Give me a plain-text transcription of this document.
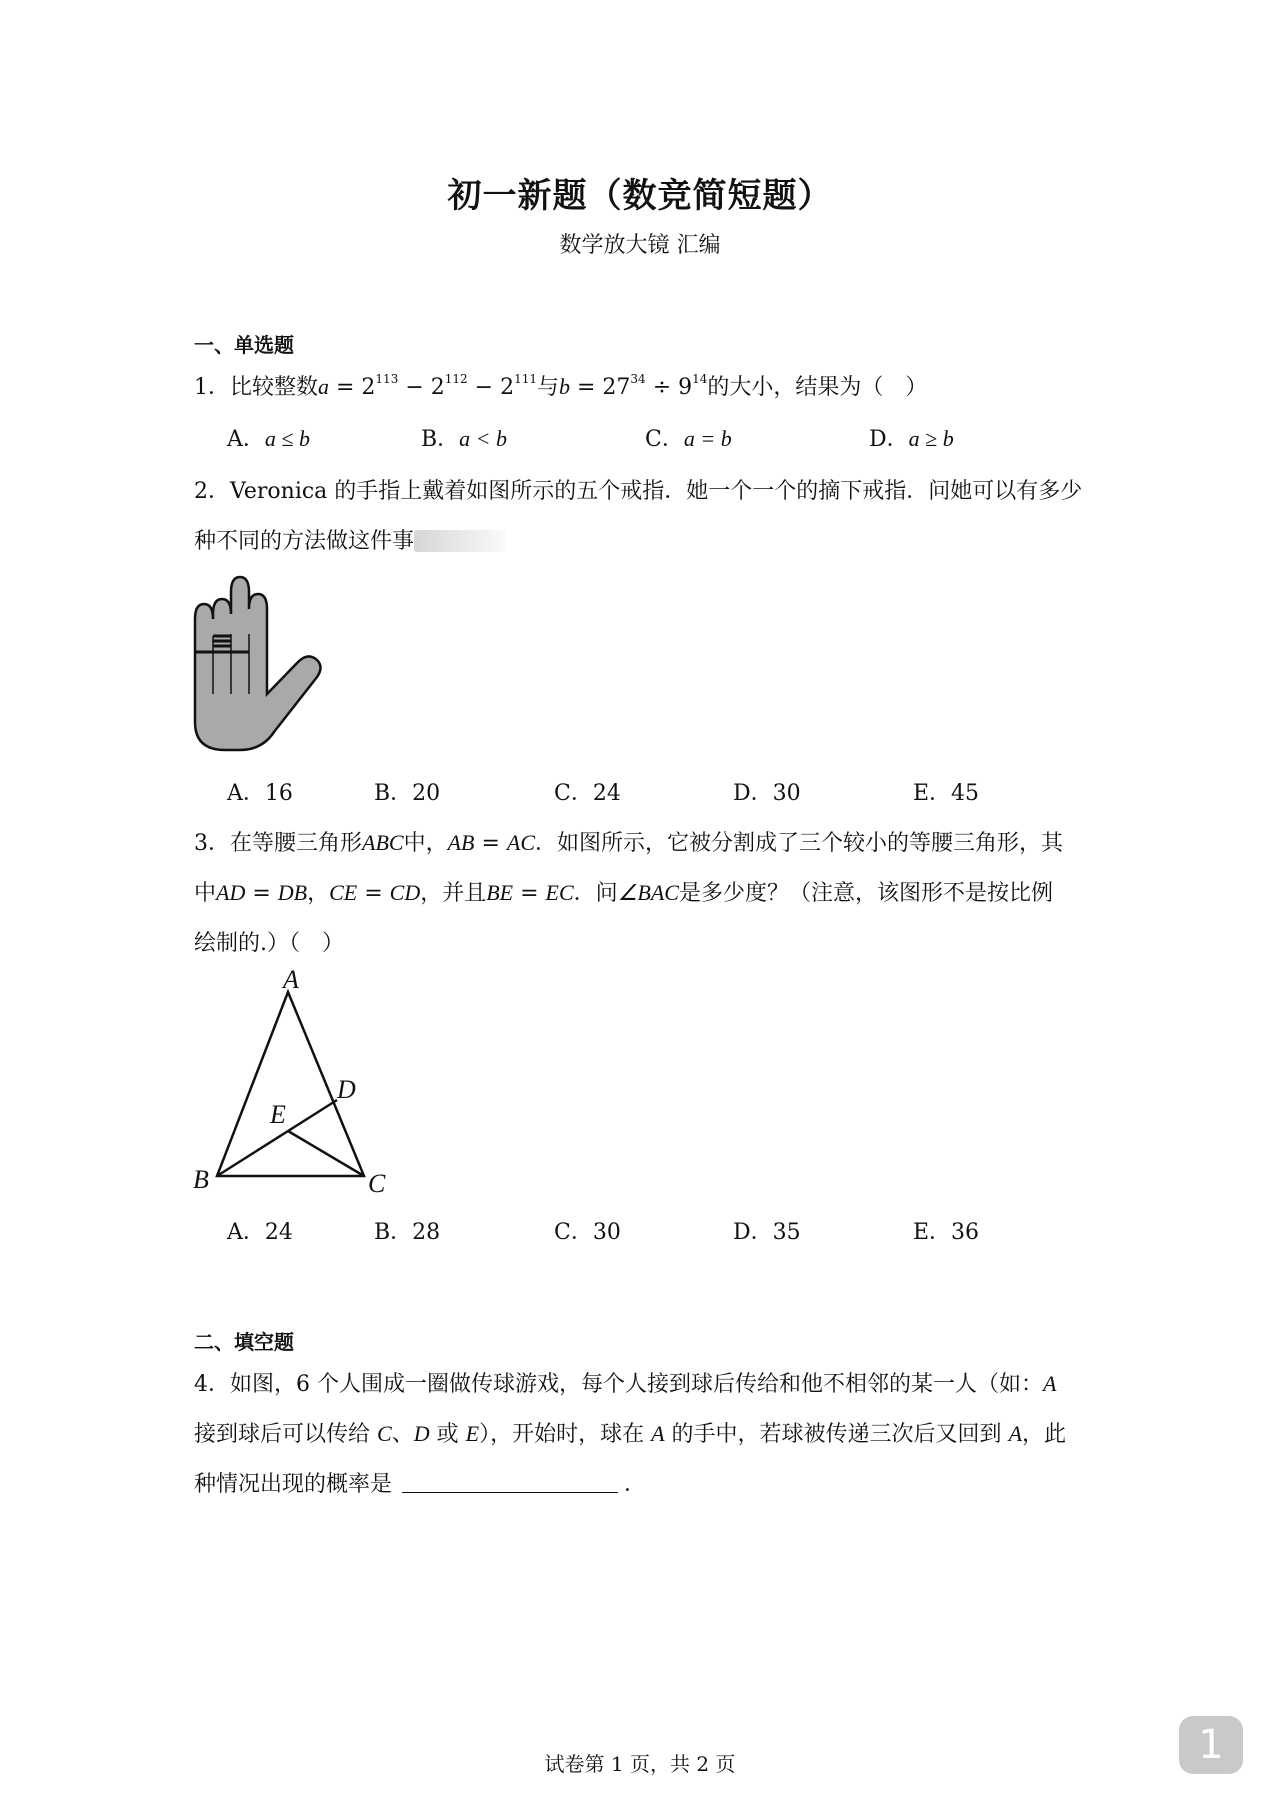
初一新题（数竞简短题）
数学放大镜 汇编
一、单选题
1．比较整数$a = 2^{113} - 2^{112} - 2^{111}$与$b = 27^{34} \div 9^{14}$的大小，结果为（　）
A．a ≤ b	B．a < b	C．a = b	D．a ≥ b
2．Veronica 的手指上戴着如图所示的五个戒指．她一个一个的摘下戒指．问她可以有多少
种不同的方法做这件事
A．16	B．20	C．24	D．30	E．45
3．在等腰三角形ABC中，AB = AC．如图所示，它被分割成了三个较小的等腰三角形，其
中AD = DB，CE = CD，并且BE = EC．问∠BAC是多少度？（注意，该图形不是按比例
绘制的.）（　）
A
B	C
D
E
A．24	B．28	C．30	D．35	E．36
二、填空题
4．如图，6 个人围成一圈做传球游戏，每个人接到球后传给和他不相邻的某一人（如：A
接到球后可以传给 C、D 或 E），开始时，球在 A 的手中，若球被传递三次后又回到 A，此
种情况出现的概率是	．
试卷第 1 页，共 2 页	1
